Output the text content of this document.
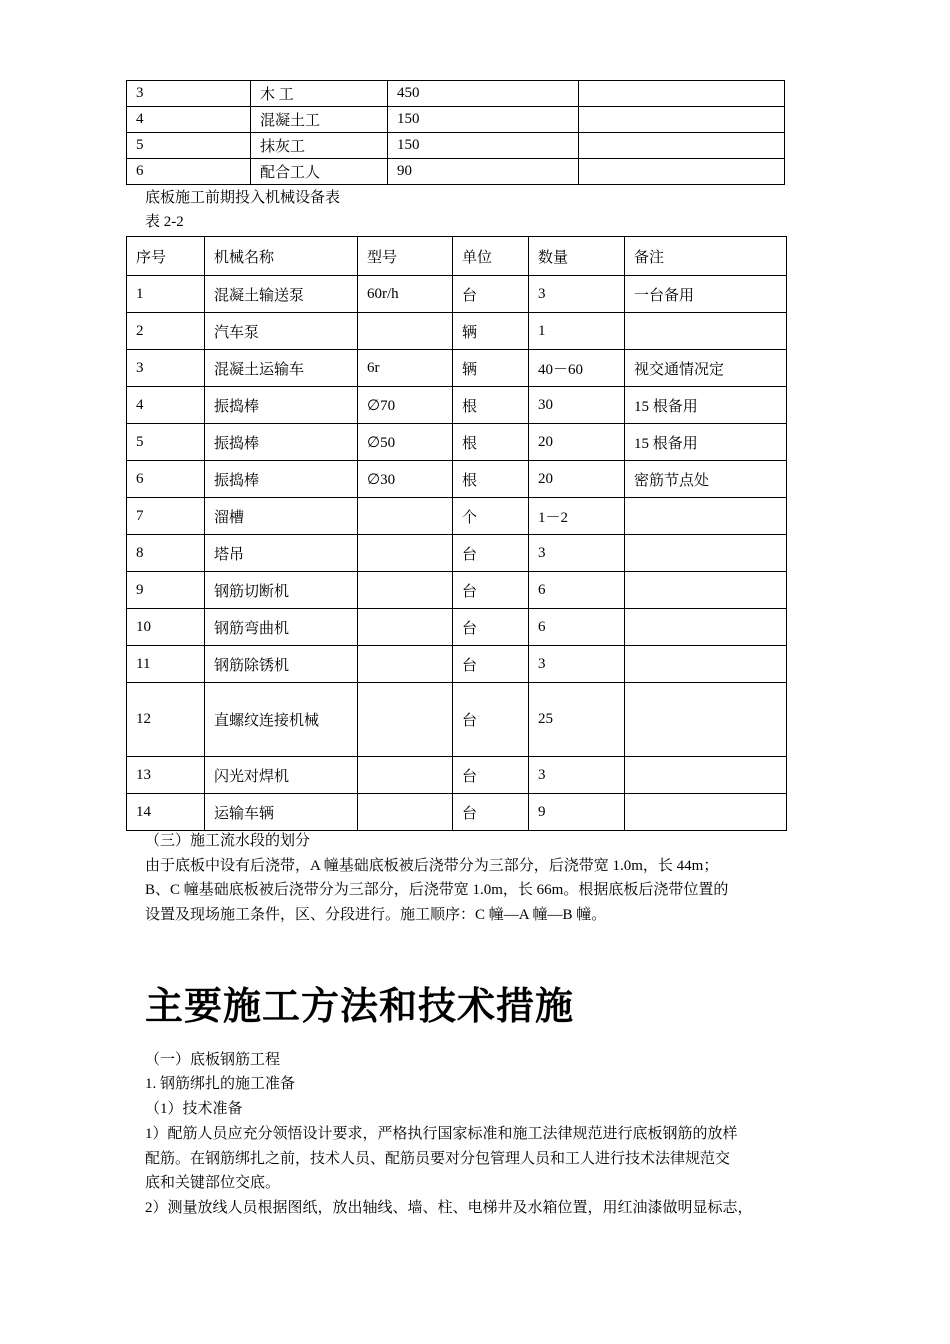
3	木 工	450	
4	混凝土工	150	
5	抹灰工	150	
6	配合工人	90	
底板施工前期投入机械设备表
表 2-2
序号	机械名称	型号	单位	数量	备注
1	混凝土输送泵	60r/h	台	3	一台备用
2	汽车泵		辆	1	
3	混凝土运输车	6r	辆	40－60	视交通情况定
4	振捣棒	∅70	根	30	15 根备用
5	振捣棒	∅50	根	20	15 根备用
6	振捣棒	∅30	根	20	密筋节点处
7	溜槽		个	1－2	
8	塔吊		台	3	
9	钢筋切断机		台	6	
10	钢筋弯曲机		台	6	
11	钢筋除锈机		台	3	
12	直螺纹连接机械		台	25	
13	闪光对焊机		台	3	
14	运输车辆		台	9	
（三）施工流水段的划分
由于底板中设有后浇带，A 幢基础底板被后浇带分为三部分，后浇带宽 1.0m，长 44m；
B、C 幢基础底板被后浇带分为三部分，后浇带宽 1.0m，长 66m。根据底板后浇带位置的
设置及现场施工条件，区、分段进行。施工顺序：C 幢—A 幢—B 幢。
主要施工方法和技术措施
（一）底板钢筋工程
1. 钢筋绑扎的施工准备
（1）技术准备
1）配筋人员应充分领悟设计要求，严格执行国家标准和施工法律规范进行底板钢筋的放样
配筋。在钢筋绑扎之前，技术人员、配筋员要对分包管理人员和工人进行技术法律规范交
底和关键部位交底。
2）测量放线人员根据图纸，放出轴线、墙、柱、电梯井及水箱位置，用红油漆做明显标志，
